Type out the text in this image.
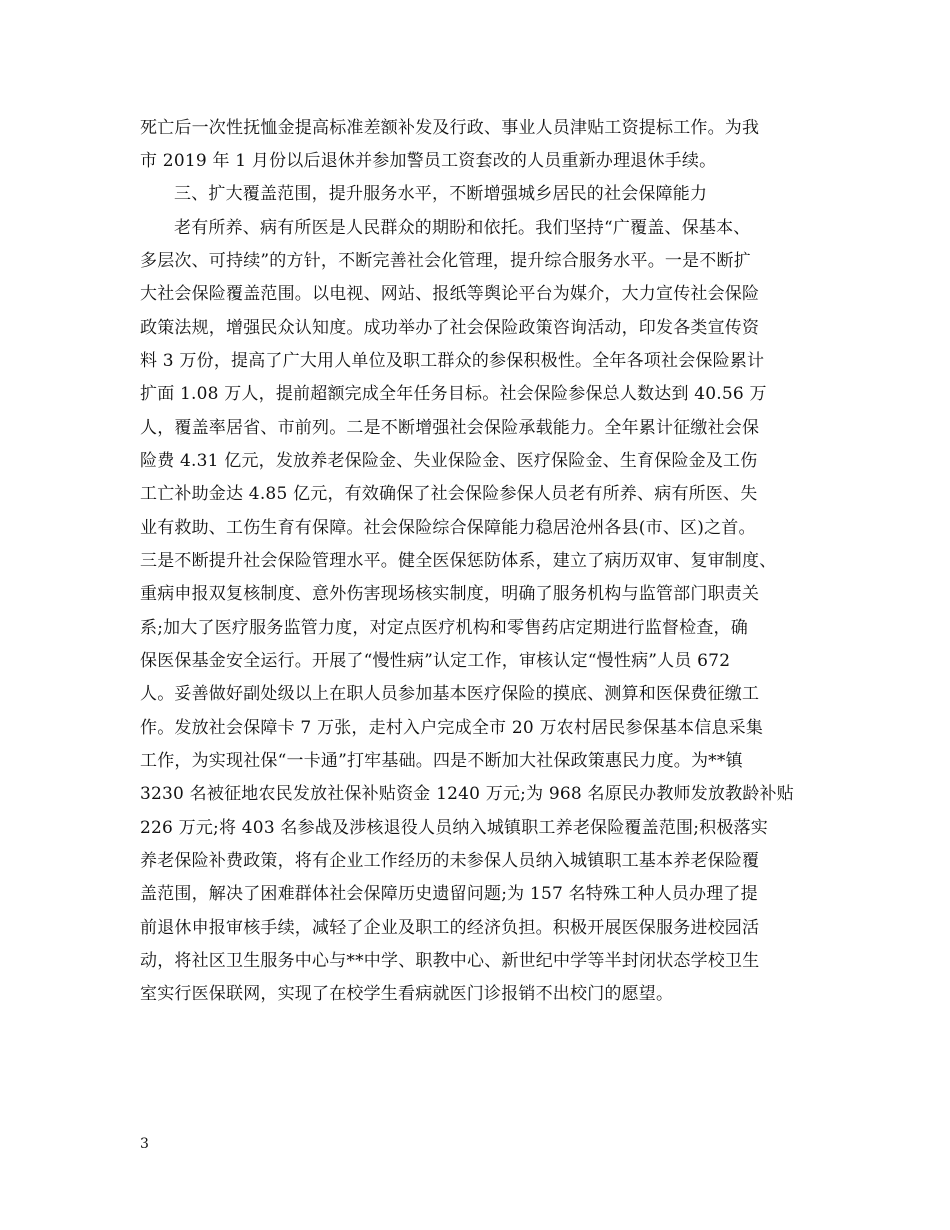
死亡后一次性抚恤金提高标准差额补发及行政、事业人员津贴工资提标工作。为我
市 2019 年 1 月份以后退休并参加警员工资套改的人员重新办理退休手续。
三、扩大覆盖范围，提升服务水平，不断增强城乡居民的社会保障能力
老有所养、病有所医是人民群众的期盼和依托。我们坚持“广覆盖、保基本、
多层次、可持续”的方针，不断完善社会化管理，提升综合服务水平。一是不断扩
大社会保险覆盖范围。以电视、网站、报纸等舆论平台为媒介，大力宣传社会保险
政策法规，增强民众认知度。成功举办了社会保险政策咨询活动，印发各类宣传资
料 3 万份，提高了广大用人单位及职工群众的参保积极性。全年各项社会保险累计
扩面 1.08 万人，提前超额完成全年任务目标。社会保险参保总人数达到 40.56 万
人，覆盖率居省、市前列。二是不断增强社会保险承载能力。全年累计征缴社会保
险费 4.31 亿元，发放养老保险金、失业保险金、医疗保险金、生育保险金及工伤
工亡补助金达 4.85 亿元，有效确保了社会保险参保人员老有所养、病有所医、失
业有救助、工伤生育有保障。社会保险综合保障能力稳居沧州各县(市、区)之首。
三是不断提升社会保险管理水平。健全医保惩防体系，建立了病历双审、复审制度、
重病申报双复核制度、意外伤害现场核实制度，明确了服务机构与监管部门职责关
系;加大了医疗服务监管力度，对定点医疗机构和零售药店定期进行监督检查，确
保医保基金安全运行。开展了“慢性病”认定工作，审核认定“慢性病”人员 672
人。妥善做好副处级以上在职人员参加基本医疗保险的摸底、测算和医保费征缴工
作。发放社会保障卡 7 万张，走村入户完成全市 20 万农村居民参保基本信息采集
工作，为实现社保“一卡通”打牢基础。四是不断加大社保政策惠民力度。为**镇
3230 名被征地农民发放社保补贴资金 1240 万元;为 968 名原民办教师发放教龄补贴
226 万元;将 403 名参战及涉核退役人员纳入城镇职工养老保险覆盖范围;积极落实
养老保险补费政策，将有企业工作经历的未参保人员纳入城镇职工基本养老保险覆
盖范围，解决了困难群体社会保障历史遗留问题;为 157 名特殊工种人员办理了提
前退休申报审核手续，减轻了企业及职工的经济负担。积极开展医保服务进校园活
动，将社区卫生服务中心与**中学、职教中心、新世纪中学等半封闭状态学校卫生
室实行医保联网，实现了在校学生看病就医门诊报销不出校门的愿望。
3
